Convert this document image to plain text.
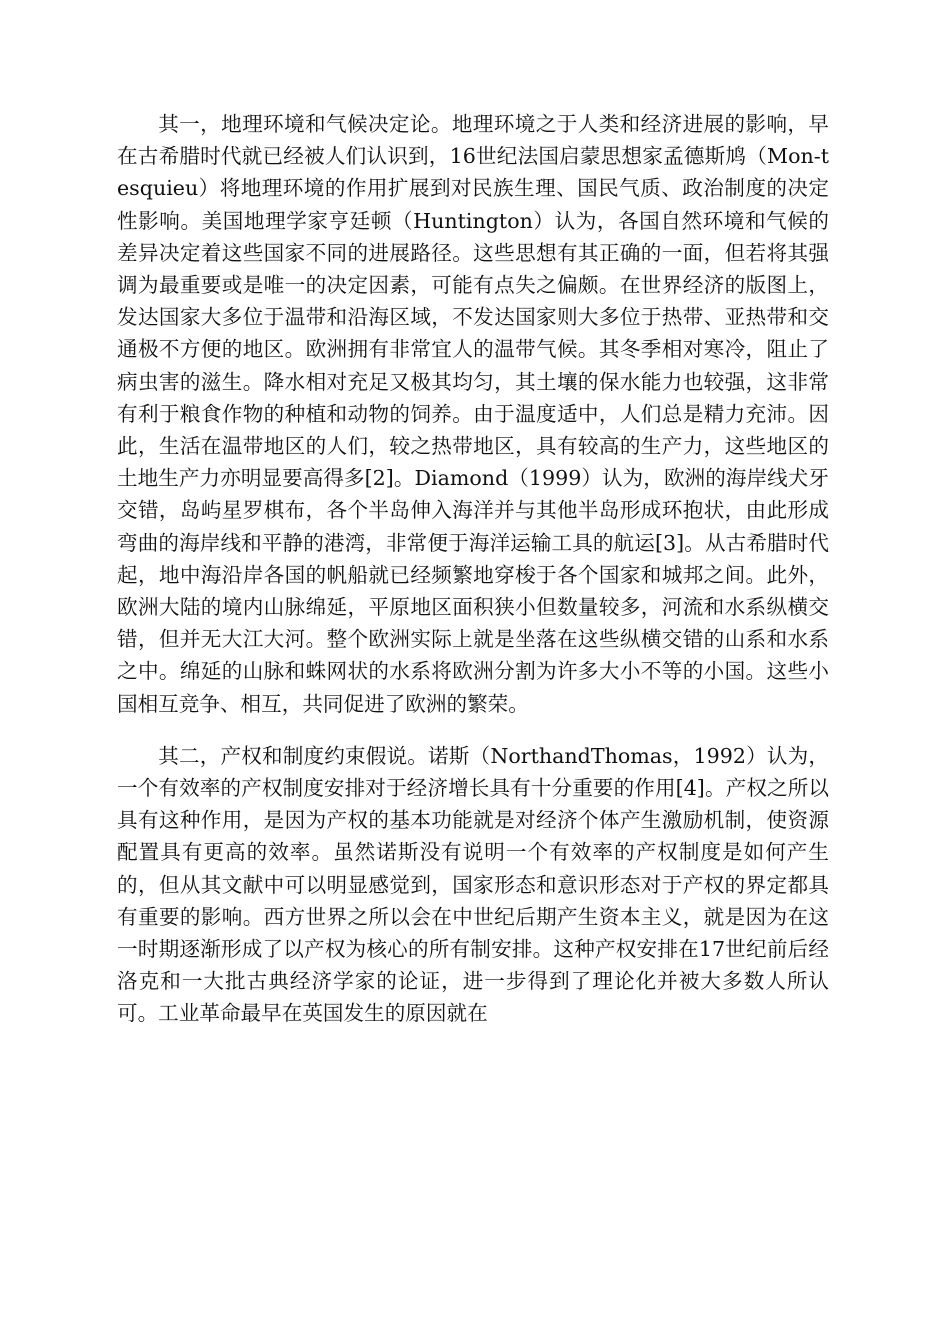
其一，地理环境和气候决定论。地理环境之于人类和经济进展的影响，早在古希腊时代就已经被人们认识到，16世纪法国启蒙思想家孟德斯鸠（Mon-tesquieu）将地理环境的作用扩展到对民族生理、国民气质、政治制度的决定性影响。美国地理学家亨廷顿（Huntington）认为，各国自然环境和气候的差异决定着这些国家不同的进展路径。这些思想有其正确的一面，但若将其强调为最重要或是唯一的决定因素，可能有点失之偏颇。在世界经济的版图上，发达国家大多位于温带和沿海区域，不发达国家则大多位于热带、亚热带和交通极不方便的地区。欧洲拥有非常宜人的温带气候。其冬季相对寒冷，阻止了病虫害的滋生。降水相对充足又极其均匀，其土壤的保水能力也较强，这非常有利于粮食作物的种植和动物的饲养。由于温度适中，人们总是精力充沛。因此，生活在温带地区的人们，较之热带地区，具有较高的生产力，这些地区的土地生产力亦明显要高得多[2]。Diamond（1999）认为，欧洲的海岸线犬牙交错，岛屿星罗棋布，各个半岛伸入海洋并与其他半岛形成环抱状，由此形成弯曲的海岸线和平静的港湾，非常便于海洋运输工具的航运[3]。从古希腊时代起，地中海沿岸各国的帆船就已经频繁地穿梭于各个国家和城邦之间。此外，欧洲大陆的境内山脉绵延，平原地区面积狭小但数量较多，河流和水系纵横交错，但并无大江大河。整个欧洲实际上就是坐落在这些纵横交错的山系和水系之中。绵延的山脉和蛛网状的水系将欧洲分割为许多大小不等的小国。这些小国相互竞争、相互，共同促进了欧洲的繁荣。

其二，产权和制度约束假说。诺斯（NorthandThomas，1992）认为，一个有效率的产权制度安排对于经济增长具有十分重要的作用[4]。产权之所以具有这种作用，是因为产权的基本功能就是对经济个体产生激励机制，使资源配置具有更高的效率。虽然诺斯没有说明一个有效率的产权制度是如何产生的，但从其文献中可以明显感觉到，国家形态和意识形态对于产权的界定都具有重要的影响。西方世界之所以会在中世纪后期产生资本主义，就是因为在这一时期逐渐形成了以产权为核心的所有制安排。这种产权安排在17世纪前后经洛克和一大批古典经济学家的论证，进一步得到了理论化并被大多数人所认可。工业革命最早在英国发生的原因就在
